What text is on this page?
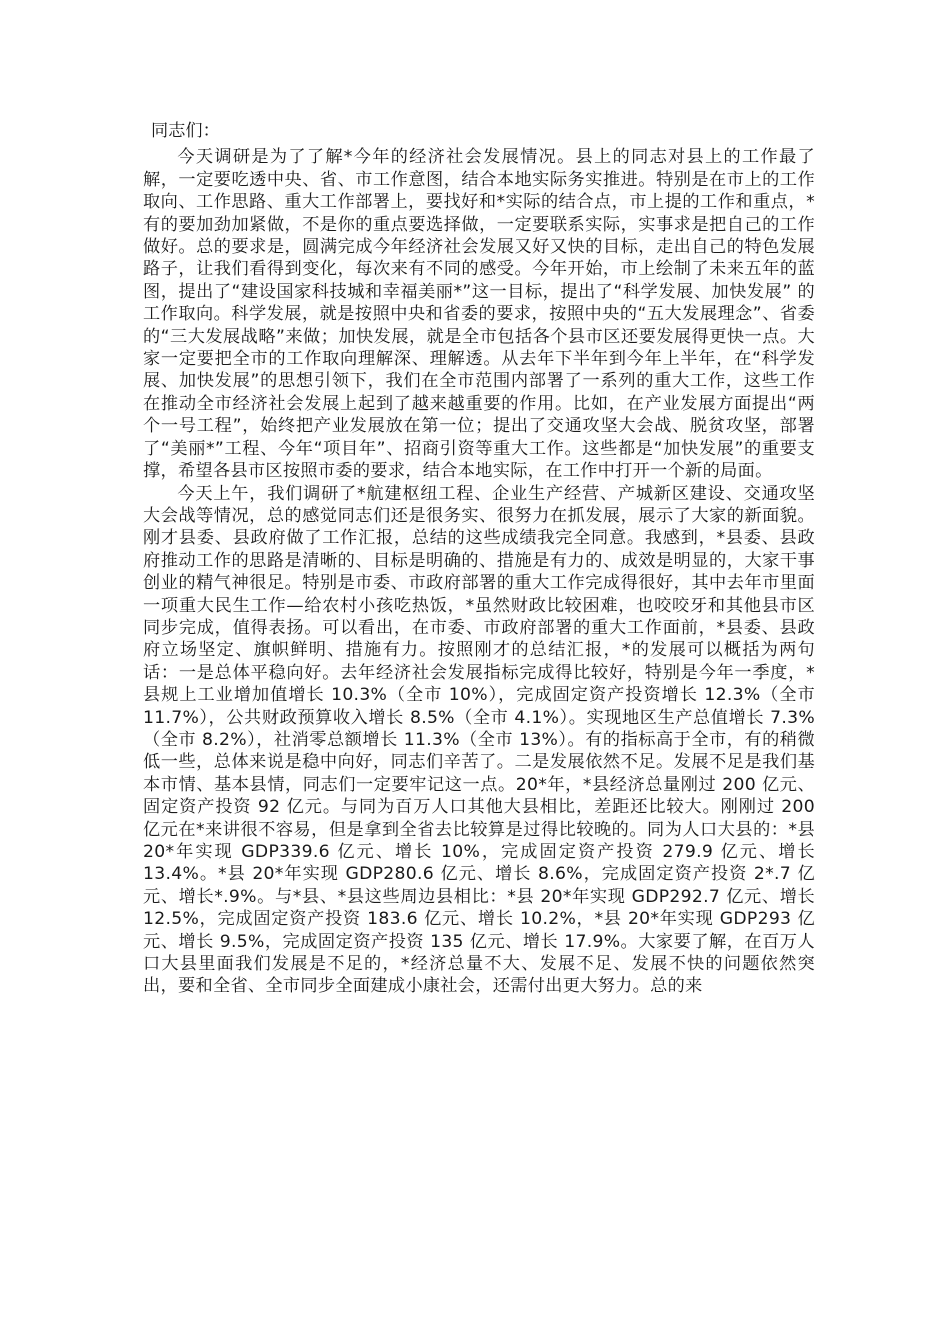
同志们：

今天调研是为了了解*今年的经济社会发展情况。县上的同志对县上的工作最了解，一定要吃透中央、省、市工作意图，结合本地实际务实推进。特别是在市上的工作取向、工作思路、重大工作部署上，要找好和*实际的结合点，市上提的工作和重点，*有的要加劲加紧做，不是你的重点要选择做，一定要联系实际，实事求是把自己的工作做好。总的要求是，圆满完成今年经济社会发展又好又快的目标，走出自己的特色发展路子，让我们看得到变化，每次来有不同的感受。今年开始，市上绘制了未来五年的蓝图，提出了“建设国家科技城和幸福美丽*”这一目标，提出了“科学发展、加快发展” 的工作取向。科学发展，就是按照中央和省委的要求，按照中央的“五大发展理念”、省委的“三大发展战略”来做；加快发展，就是全市包括各个县市区还要发展得更快一点。大家一定要把全市的工作取向理解深、理解透。从去年下半年到今年上半年，在“科学发展、加快发展”的思想引领下，我们在全市范围内部署了一系列的重大工作，这些工作在推动全市经济社会发展上起到了越来越重要的作用。比如，在产业发展方面提出“两个一号工程”，始终把产业发展放在第一位；提出了交通攻坚大会战、脱贫攻坚，部署了“美丽*”工程、今年“项目年”、招商引资等重大工作。这些都是“加快发展”的重要支撑，希望各县市区按照市委的要求，结合本地实际，在工作中打开一个新的局面。

今天上午，我们调研了*航建枢纽工程、企业生产经营、产城新区建设、交通攻坚大会战等情况，总的感觉同志们还是很务实、很努力在抓发展，展示了大家的新面貌。刚才县委、县政府做了工作汇报，总结的这些成绩我完全同意。我感到，*县委、县政府推动工作的思路是清晰的、目标是明确的、措施是有力的、成效是明显的，大家干事创业的精气神很足。特别是市委、市政府部署的重大工作完成得很好，其中去年市里面一项重大民生工作—给农村小孩吃热饭，*虽然财政比较困难，也咬咬牙和其他县市区同步完成，值得表扬。可以看出，在市委、市政府部署的重大工作面前，*县委、县政府立场坚定、旗帜鲜明、措施有力。按照刚才的总结汇报，*的发展可以概括为两句话：一是总体平稳向好。去年经济社会发展指标完成得比较好，特别是今年一季度，*县规上工业增加值增长 10.3%（全市 10%），完成固定资产投资增长 12.3%（全市 11.7%），公共财政预算收入增长 8.5%（全市 4.1%）。实现地区生产总值增长 7.3%（全市 8.2%），社消零总额增长 11.3%（全市 13%）。有的指标高于全市，有的稍微低一些，总体来说是稳中向好，同志们辛苦了。二是发展依然不足。发展不足是我们基本市情、基本县情，同志们一定要牢记这一点。20*年，*县经济总量刚过 200 亿元、固定资产投资 92 亿元。与同为百万人口其他大县相比，差距还比较大。刚刚过 200 亿元在*来讲很不容易，但是拿到全省去比较算是过得比较晚的。同为人口大县的：*县 20*年实现 GDP339.6 亿元、增长 10%，完成固定资产投资 279.9 亿元、增长 13.4%。*县 20*年实现 GDP280.6 亿元、增长 8.6%，完成固定资产投资 2*.7 亿元、增长*.9%。与*县、*县这些周边县相比：*县 20*年实现 GDP292.7 亿元、增长 12.5%，完成固定资产投资 183.6 亿元、增长 10.2%，*县 20*年实现 GDP293 亿元、增长 9.5%，完成固定资产投资 135 亿元、增长 17.9%。大家要了解，在百万人口大县里面我们发展是不足的，*经济总量不大、发展不足、发展不快的问题依然突出，要和全省、全市同步全面建成小康社会，还需付出更大努力。总的来
